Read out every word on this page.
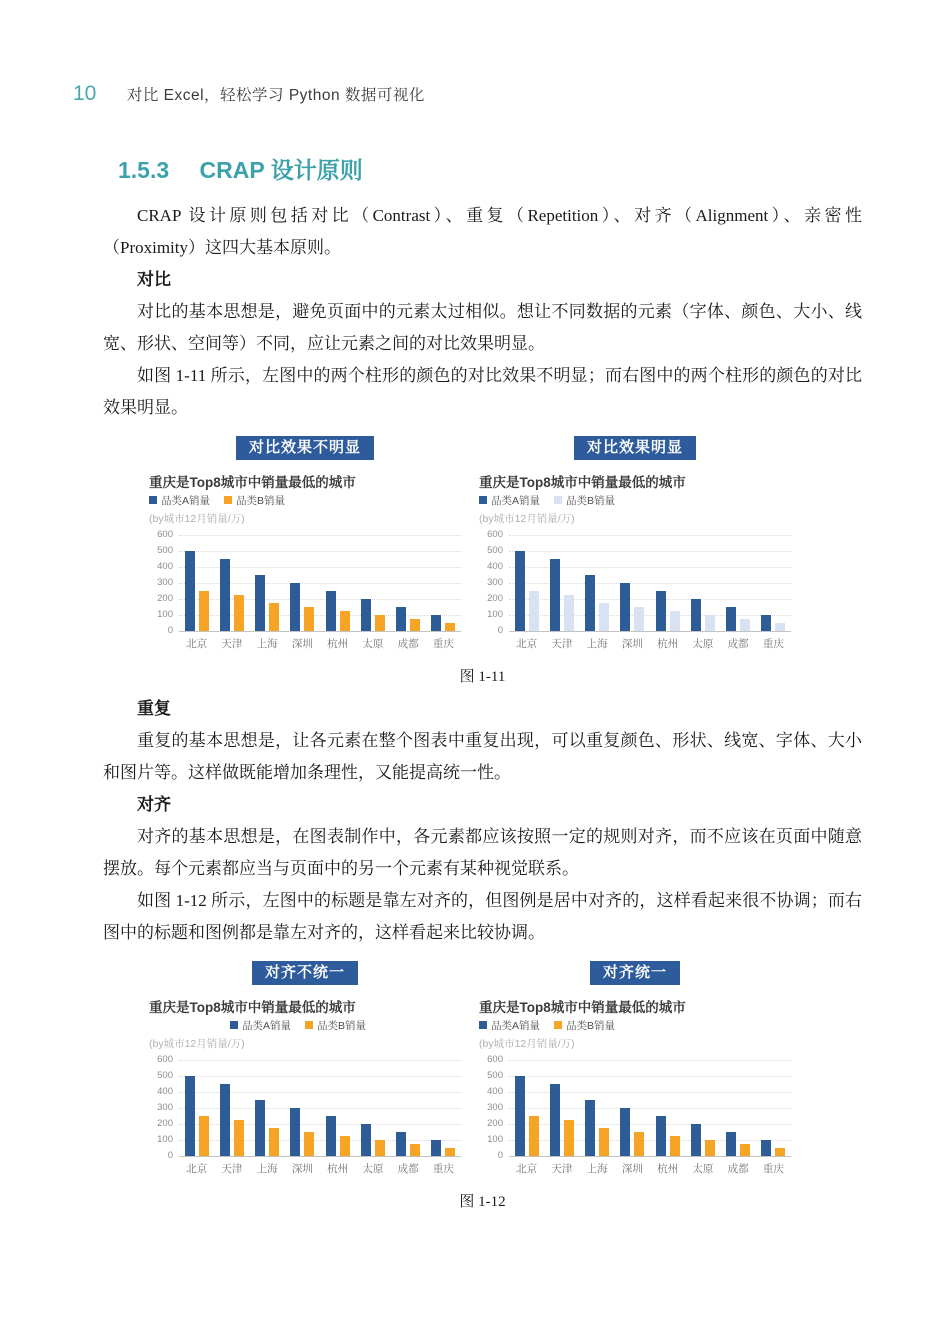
10 对比 Excel，轻松学习 Python 数据可视化
1.5.3 CRAP 设计原则

CRAP 设计原则包括对比（Contrast）、重复（Repetition）、对齐（Alignment）、亲密性（Proximity）这四大基本原则。

对比

对比的基本思想是，避免页面中的元素太过相似。想让不同数据的元素（字体、颜色、大小、线宽、形状、空间等）不同，应让元素之间的对比效果明显。

如图 1-11 所示，左图中的两个柱形的颜色的对比效果不明显；而右图中的两个柱形的颜色的对比效果明显。

对比效果不明显
重庆是Top8城市中销量最低的城市
品类A销量 品类B销量
(by城市12月销量/万)
600
500
400
300
200
100
0
北京	天津	上海	深圳	杭州	太原	成都	重庆
对比效果明显
重庆是Top8城市中销量最低的城市
品类A销量 品类B销量
(by城市12月销量/万)
600
500
400
300
200
100
0
北京	天津	上海	深圳	杭州	太原	成都	重庆
图 1-11

重复

重复的基本思想是，让各元素在整个图表中重复出现，可以重复颜色、形状、线宽、字体、大小和图片等。这样做既能增加条理性，又能提高统一性。

对齐

对齐的基本思想是，在图表制作中，各元素都应该按照一定的规则对齐，而不应该在页面中随意摆放。每个元素都应当与页面中的另一个元素有某种视觉联系。

如图 1-12 所示，左图中的标题是靠左对齐的，但图例是居中对齐的，这样看起来很不协调；而右图中的标题和图例都是靠左对齐的，这样看起来比较协调。

对齐不统一
重庆是Top8城市中销量最低的城市
品类A销量 品类B销量
(by城市12月销量/万)
600
500
400
300
200
100
0
北京	天津	上海	深圳	杭州	太原	成都	重庆
对齐统一
重庆是Top8城市中销量最低的城市
品类A销量 品类B销量
(by城市12月销量/万)
600
500
400
300
200
100
0
北京	天津	上海	深圳	杭州	太原	成都	重庆
图 1-12
